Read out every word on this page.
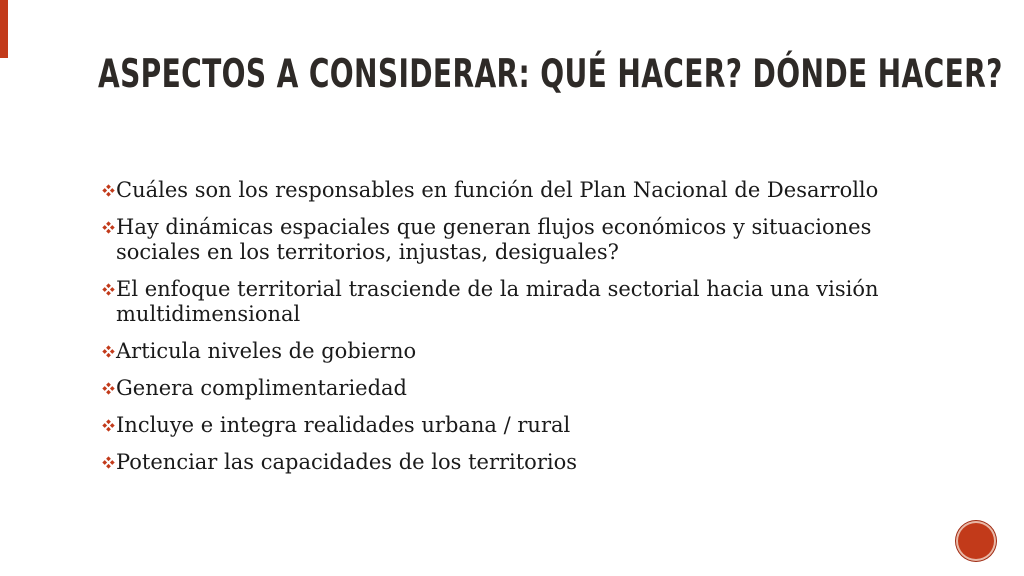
ASPECTOS A CONSIDERAR: QUÉ HACER? DÓNDE HACER?
Cuáles son los responsables en función del Plan Nacional de Desarrollo
Hay dinámicas espaciales que generan flujos económicos y situaciones sociales en los territorios, injustas, desiguales?
El enfoque territorial trasciende de la mirada sectorial hacia una visión multidimensional
Articula niveles de gobierno
Genera complimentariedad
Incluye e integra realidades urbana / rural
Potenciar las capacidades de los territorios
